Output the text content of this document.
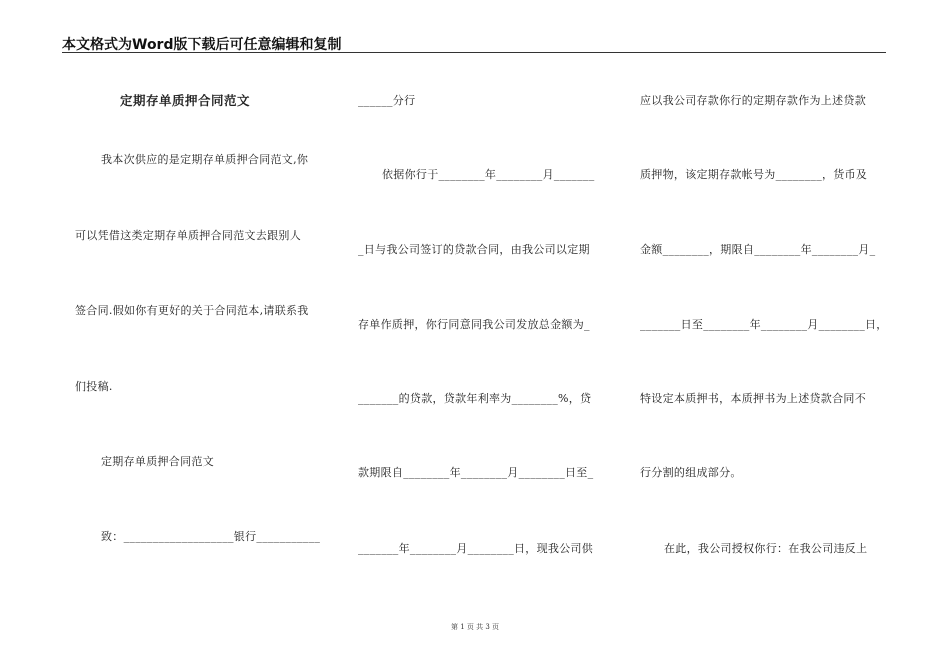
本文格式为Word版下载后可任意编辑和复制
定期存单质押合同范文
我本次供应的是定期存单质押合同范文,你
可以凭借这类定期存单质押合同范文去跟别人
签合同.假如你有更好的关于合同范本,请联系我
们投稿.
定期存单质押合同范文
致：___________________银行___________
______分行
依据你行于________年________月_______
_日与我公司签订的贷款合同，由我公司以定期
存单作质押，你行同意同我公司发放总金额为_
_______的贷款，贷款年利率为________%，贷
款期限自________年________月________日至_
_______年________月________日，现我公司供
应以我公司存款你行的定期存款作为上述贷款
质押物，该定期存款帐号为________，货币及
金额________，期限自________年________月_
_______日至________年________月________日，
特设定本质押书，本质押书为上述贷款合同不
行分割的组成部分。
在此，我公司授权你行：在我公司违反上
第 1 页 共 3 页
